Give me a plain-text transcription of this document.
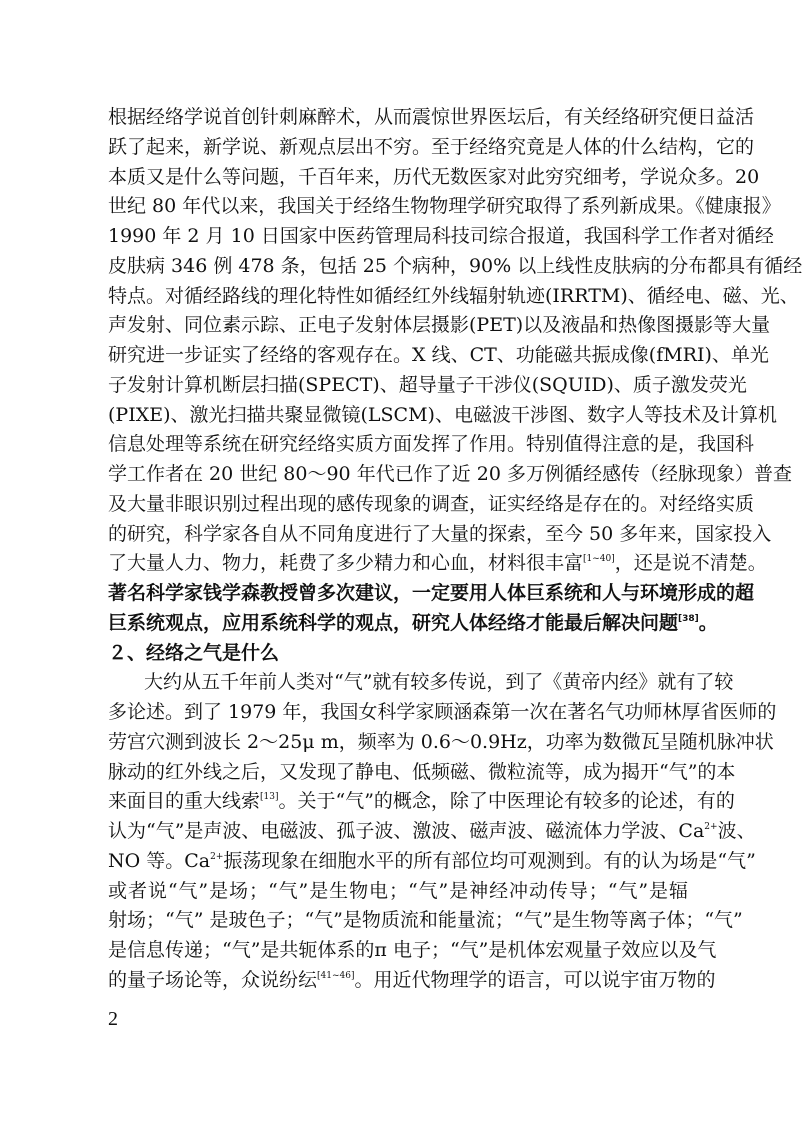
根据经络学说首创针刺麻醉术，从而震惊世界医坛后，有关经络研究便日益活
跃了起来，新学说、新观点层出不穷。至于经络究竟是人体的什么结构，它的
本质又是什么等问题，千百年来，历代无数医家对此穷究细考，学说众多。20
世纪 80 年代以来，我国关于经络生物物理学研究取得了系列新成果。《健康报》
1990 年 2 月 10 日国家中医药管理局科技司综合报道，我国科学工作者对循经
皮肤病 346 例 478 条，包括 25 个病种，90% 以上线性皮肤病的分布都具有循经
特点。对循经路线的理化特性如循经红外线辐射轨迹(IRRTM)、循经电、磁、光、
声发射、同位素示踪、正电子发射体层摄影(PET)以及液晶和热像图摄影等大量
研究进一步证实了经络的客观存在。X 线、CT、功能磁共振成像(fMRI)、单光
子发射计算机断层扫描(SPECT)、超导量子干涉仪(SQUID)、质子激发荧光
(PIXE)、激光扫描共聚显微镜(LSCM)、电磁波干涉图、数字人等技术及计算机
信息处理等系统在研究经络实质方面发挥了作用。特别值得注意的是，我国科
学工作者在 20 世纪 80～90 年代已作了近 20 多万例循经感传（经脉现象）普查
及大量非眼识别过程出现的感传现象的调查，证实经络是存在的。对经络实质
的研究，科学家各自从不同角度进行了大量的探索，至今 50 多年来，国家投入
了大量人力、物力，耗费了多少精力和心血，材料很丰富[1~40]，还是说不清楚。
著名科学家钱学森教授曾多次建议，一定要用人体巨系统和人与环境形成的超
巨系统观点，应用系统科学的观点，研究人体经络才能最后解决问题[38]。
２、经络之气是什么
大约从五千年前人类对“气”就有较多传说，到了《黄帝内经》就有了较
多论述。到了 1979 年，我国女科学家顾涵森第一次在著名气功师林厚省医师的
劳宫穴测到波长 2～25μ m，频率为 0.6～0.9Hz，功率为数微瓦呈随机脉冲状
脉动的红外线之后，又发现了静电、低频磁、微粒流等，成为揭开“气”的本
来面目的重大线索[13]。关于“气”的概念，除了中医理论有较多的论述，有的
认为“气”是声波、电磁波、孤子波、激波、磁声波、磁流体力学波、$Ca^{2+}$波、
NO 等。$Ca^{2+}$振荡现象在细胞水平的所有部位均可观测到。有的认为场是“气”
或者说“气”是场；“气”是生物电；“气”是神经冲动传导；“气”是辐
射场；“气” 是玻色子；“气”是物质流和能量流；“气”是生物等离子体；“气”
是信息传递；“气”是共轭体系的π 电子；“气”是机体宏观量子效应以及气
的量子场论等，众说纷纭[41~46]。用近代物理学的语言，可以说宇宙万物的
2
